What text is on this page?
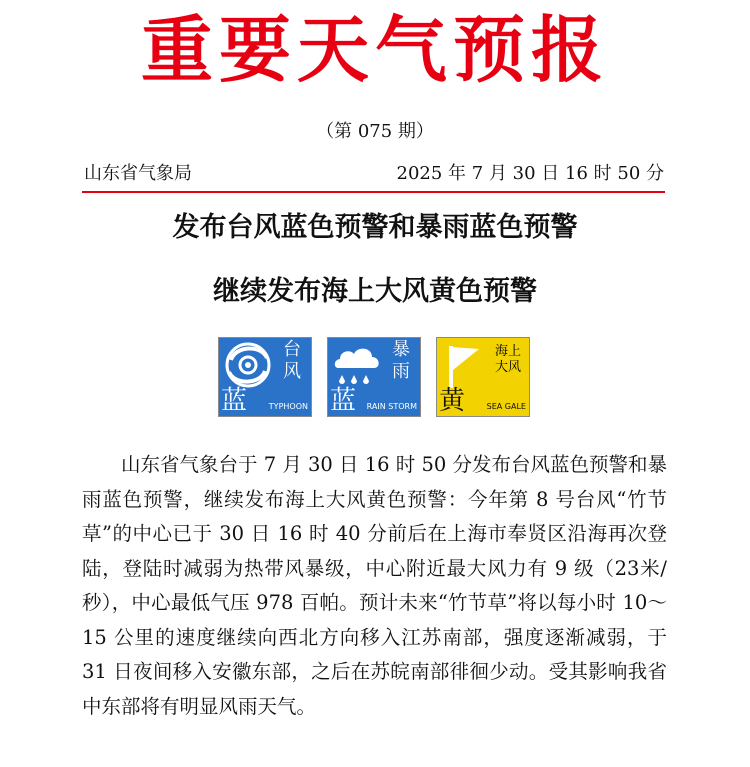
重要天气预报
（第 075 期）
山东省气象局	2025 年 7 月 30 日 16 时 50 分
发布台风蓝色预警和暴雨蓝色预警
继续发布海上大风黄色预警
台风
蓝	TYPHOON
暴雨
蓝 RAIN STORM
海上大风
黄	SEA GALE

山东省气象台于 7 月 30 日 16 时 50 分发布台风蓝色预警和暴雨蓝色预警，继续发布海上大风黄色预警：今年第 8 号台风“竹节草”的中心已于 30 日 16 时 40 分前后在上海市奉贤区沿海再次登陆，登陆时减弱为热带风暴级，中心附近最大风力有 9 级（23米/秒），中心最低气压 978 百帕。预计未来“竹节草”将以每小时 10～15 公里的速度继续向西北方向移入江苏南部，强度逐渐减弱，于 31 日夜间移入安徽东部，之后在苏皖南部徘徊少动。受其影响我省中东部将有明显风雨天气。
